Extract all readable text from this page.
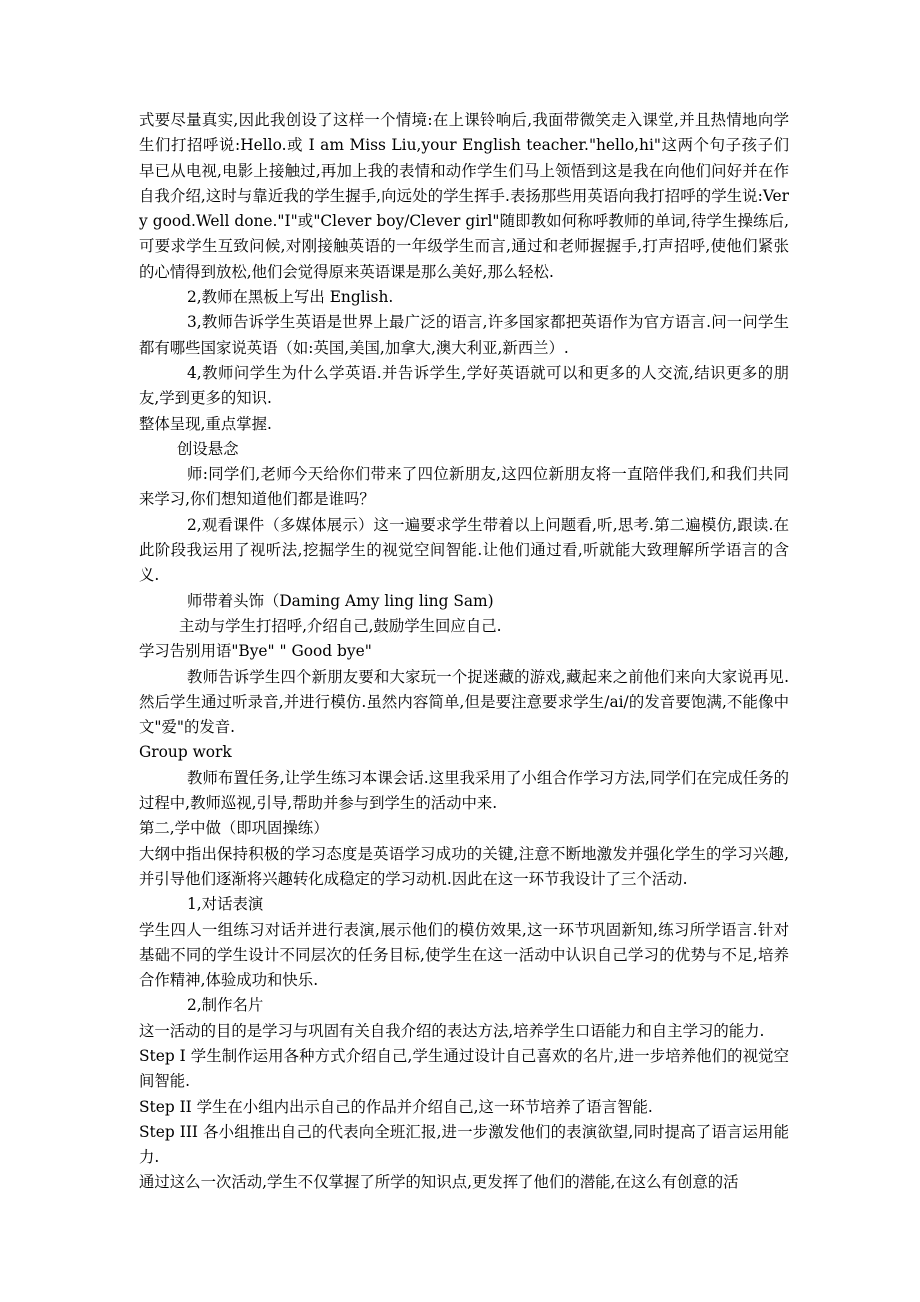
式要尽量真实,因此我创设了这样一个情境:在上课铃响后,我面带微笑走入课堂,并且热情地向学生们打招呼说:Hello.或 I am Miss Liu,your English teacher."hello,hi"这两个句子孩子们早已从电视,电影上接触过,再加上我的表情和动作学生们马上领悟到这是我在向他们问好并在作自我介绍,这时与靠近我的学生握手,向远处的学生挥手.表扬那些用英语向我打招呼的学生说:Very good.Well done."I"或"Clever boy/Clever girl"随即教如何称呼教师的单词,待学生操练后,可要求学生互致问候,对刚接触英语的一年级学生而言,通过和老师握握手,打声招呼,使他们紧张的心情得到放松,他们会觉得原来英语课是那么美好,那么轻松.

2,教师在黑板上写出 English.

3,教师告诉学生英语是世界上最广泛的语言,许多国家都把英语作为官方语言.问一问学生都有哪些国家说英语（如:英国,美国,加拿大,澳大利亚,新西兰）.

4,教师问学生为什么学英语.并告诉学生,学好英语就可以和更多的人交流,结识更多的朋友,学到更多的知识.

整体呈现,重点掌握.

创设悬念

师:同学们,老师今天给你们带来了四位新朋友,这四位新朋友将一直陪伴我们,和我们共同来学习,你们想知道他们都是谁吗？

2,观看课件（多媒体展示）这一遍要求学生带着以上问题看,听,思考.第二遍模仿,跟读.在此阶段我运用了视听法,挖掘学生的视觉空间智能.让他们通过看,听就能大致理解所学语言的含义.

师带着头饰（Daming Amy ling ling Sam)

主动与学生打招呼,介绍自己,鼓励学生回应自己.

学习告别用语"Bye" " Good bye"

教师告诉学生四个新朋友要和大家玩一个捉迷藏的游戏,藏起来之前他们来向大家说再见.然后学生通过听录音,并进行模仿.虽然内容简单,但是要注意要求学生/ai/的发音要饱满,不能像中文"爱"的发音.

Group work

教师布置任务,让学生练习本课会话.这里我采用了小组合作学习方法,同学们在完成任务的过程中,教师巡视,引导,帮助并参与到学生的活动中来.

第二,学中做（即巩固操练）

大纲中指出保持积极的学习态度是英语学习成功的关键,注意不断地激发并强化学生的学习兴趣,并引导他们逐渐将兴趣转化成稳定的学习动机.因此在这一环节我设计了三个活动.

1,对话表演

学生四人一组练习对话并进行表演,展示他们的模仿效果,这一环节巩固新知,练习所学语言.针对基础不同的学生设计不同层次的任务目标,使学生在这一活动中认识自己学习的优势与不足,培养合作精神,体验成功和快乐.

2,制作名片

这一活动的目的是学习与巩固有关自我介绍的表达方法,培养学生口语能力和自主学习的能力.

Step I 学生制作运用各种方式介绍自己,学生通过设计自己喜欢的名片,进一步培养他们的视觉空间智能.

Step II 学生在小组内出示自己的作品并介绍自己,这一环节培养了语言智能.

Step III 各小组推出自己的代表向全班汇报,进一步激发他们的表演欲望,同时提高了语言运用能力.

通过这么一次活动,学生不仅掌握了所学的知识点,更发挥了他们的潜能,在这么有创意的活
